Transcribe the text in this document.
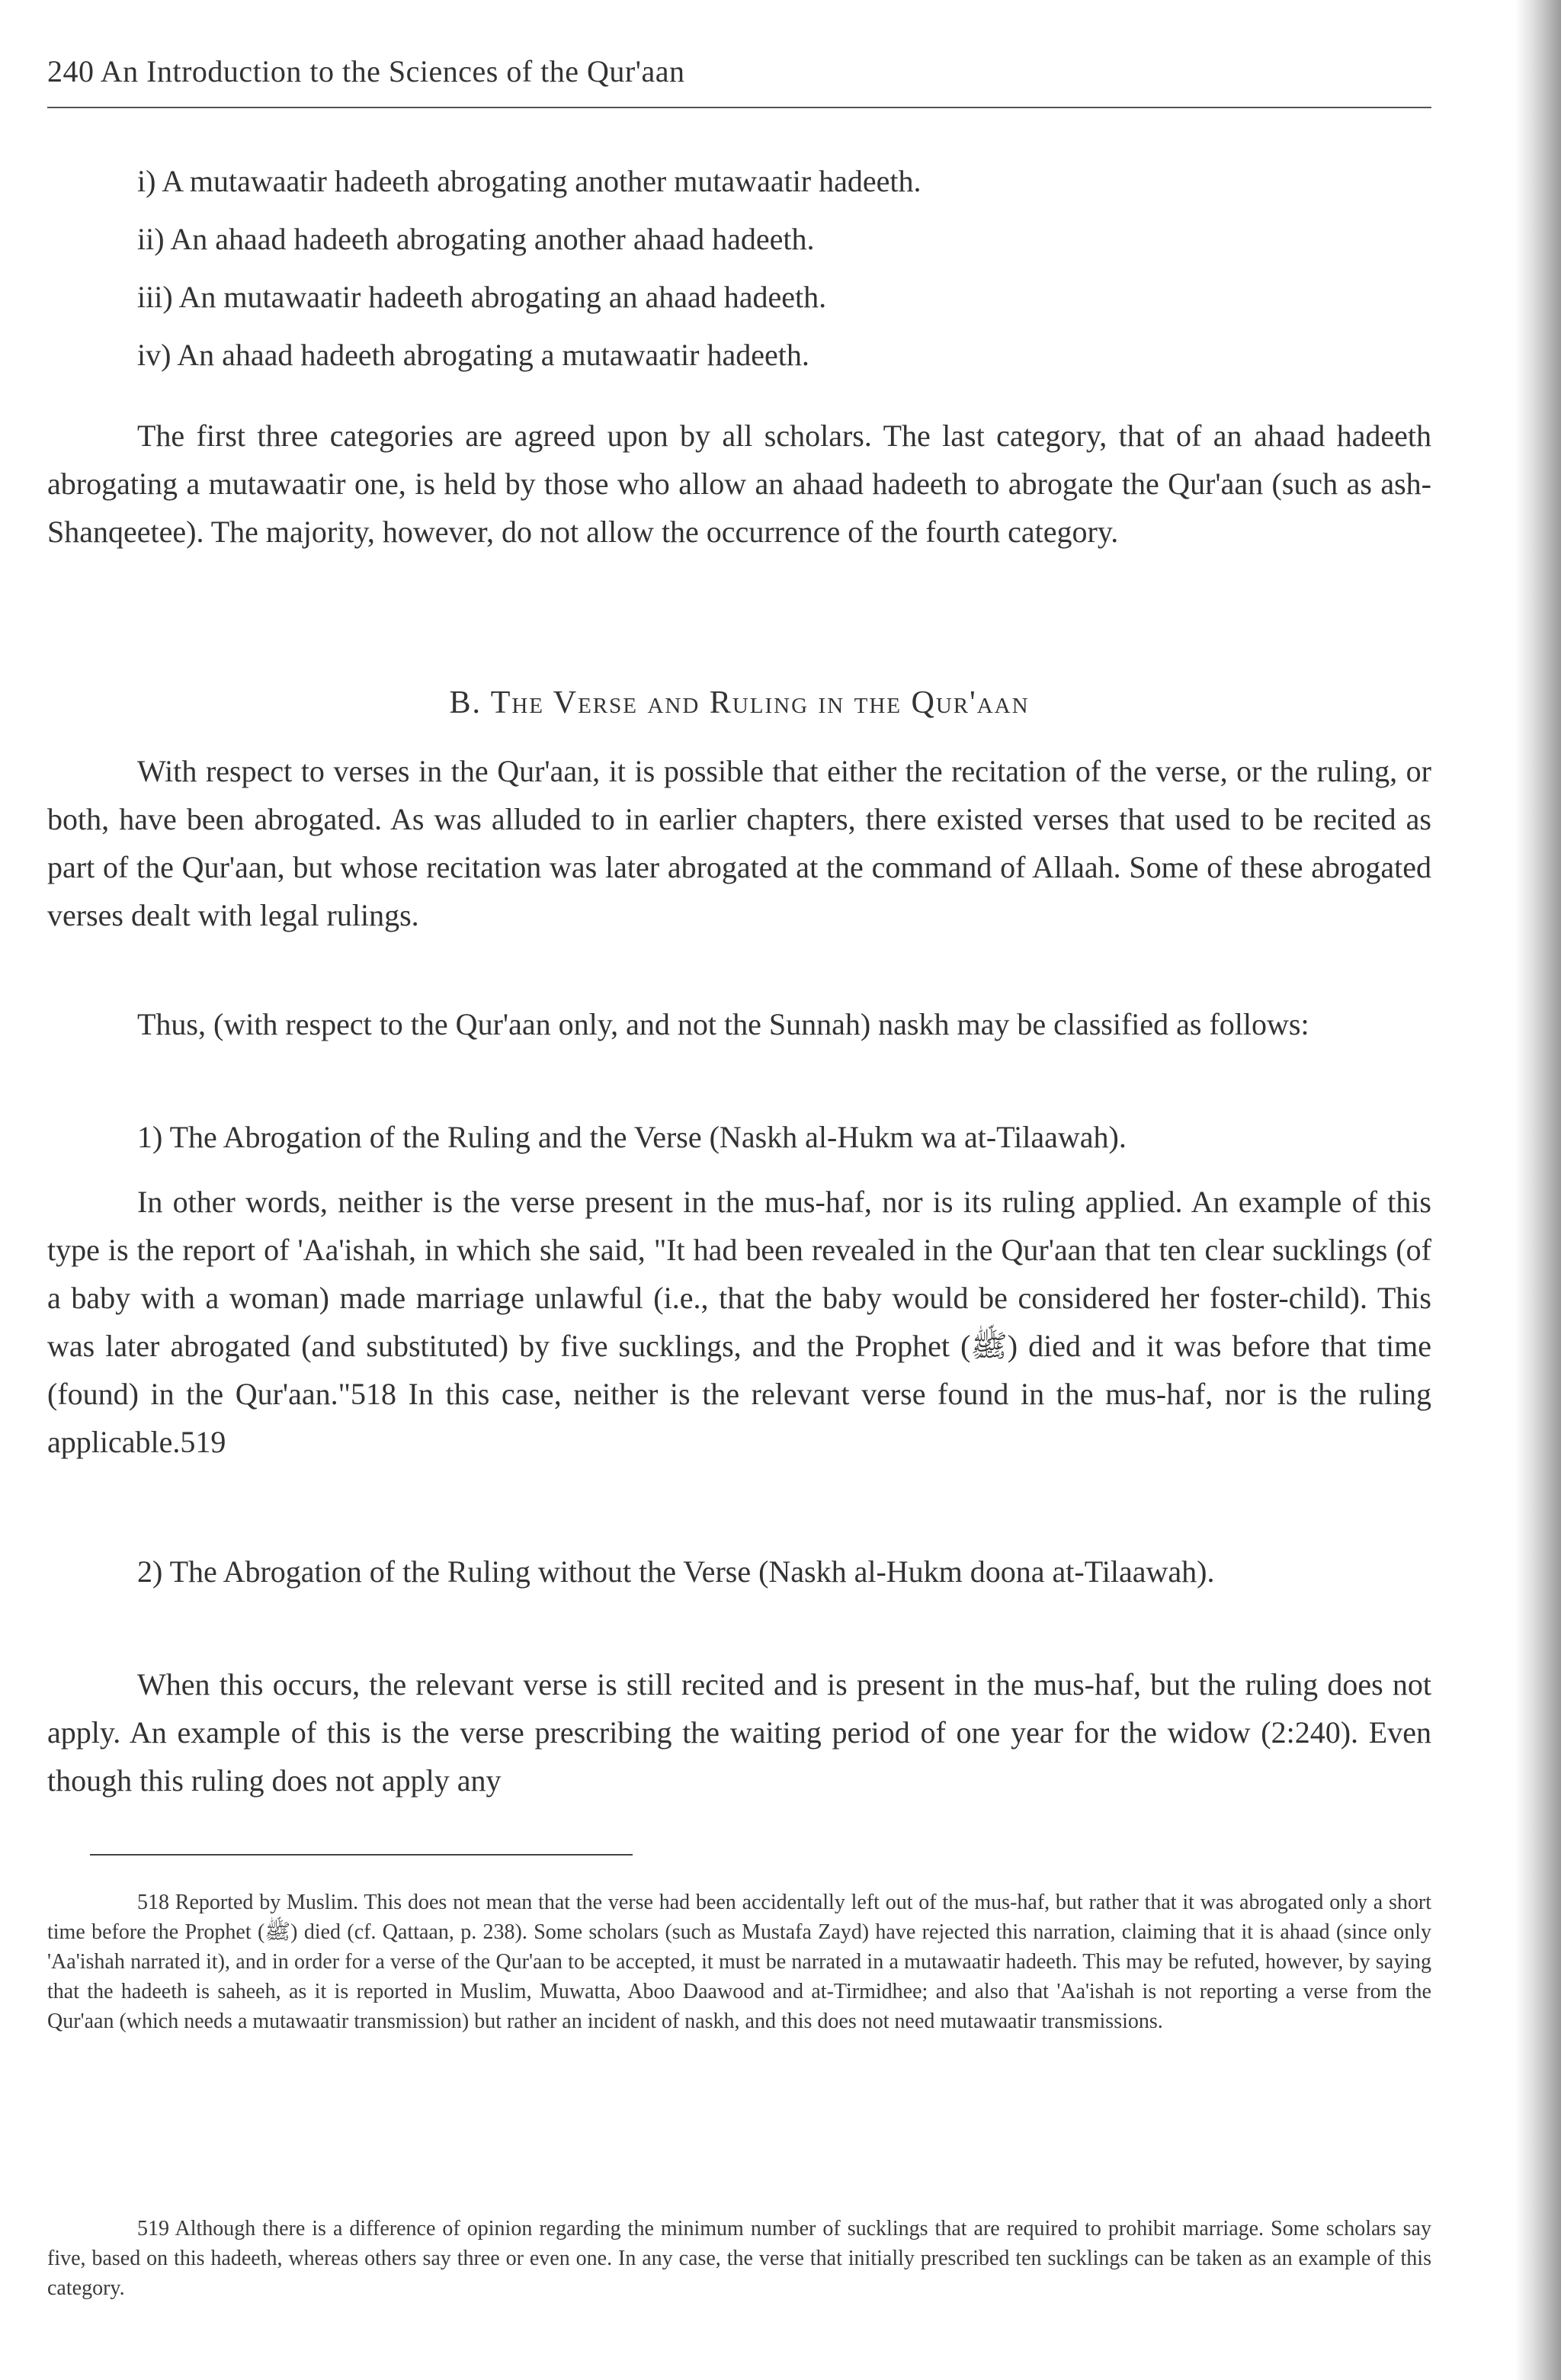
240 An Introduction to the Sciences of the Qur'aan
i) A mutawaatir hadeeth abrogating another mutawaatir hadeeth.
ii) An ahaad hadeeth abrogating another ahaad hadeeth.
iii) An mutawaatir hadeeth abrogating an ahaad hadeeth.
iv) An ahaad hadeeth abrogating a mutawaatir hadeeth.
The first three categories are agreed upon by all scholars. The last category, that of an ahaad hadeeth abrogating a mutawaatir one, is held by those who allow an ahaad hadeeth to abrogate the Qur'aan (such as ash-Shanqeetee). The majority, however, do not allow the occurrence of the fourth category.
B. The Verse and Ruling in the Qur'aan
With respect to verses in the Qur'aan, it is possible that either the recitation of the verse, or the ruling, or both, have been abrogated. As was alluded to in earlier chapters, there existed verses that used to be recited as part of the Qur'aan, but whose recitation was later abrogated at the command of Allaah. Some of these abrogated verses dealt with legal rulings.
Thus, (with respect to the Qur'aan only, and not the Sunnah) naskh may be classified as follows:
1) The Abrogation of the Ruling and the Verse (Naskh al-Hukm wa at-Tilaawah).
In other words, neither is the verse present in the mus-haf, nor is its ruling applied. An example of this type is the report of 'Aa'ishah, in which she said, "It had been revealed in the Qur'aan that ten clear sucklings (of a baby with a woman) made marriage unlawful (i.e., that the baby would be considered her foster-child). This was later abrogated (and substituted) by five sucklings, and the Prophet (ﷺ) died and it was before that time (found) in the Qur'aan."518 In this case, neither is the relevant verse found in the mus-haf, nor is the ruling applicable.519
2) The Abrogation of the Ruling without the Verse (Naskh al-Hukm doona at-Tilaawah).
When this occurs, the relevant verse is still recited and is present in the mus-haf, but the ruling does not apply. An example of this is the verse prescribing the waiting period of one year for the widow (2:240). Even though this ruling does not apply any
518 Reported by Muslim. This does not mean that the verse had been accidentally left out of the mus-haf, but rather that it was abrogated only a short time before the Prophet (ﷺ) died (cf. Qattaan, p. 238). Some scholars (such as Mustafa Zayd) have rejected this narration, claiming that it is ahaad (since only 'Aa'ishah narrated it), and in order for a verse of the Qur'aan to be accepted, it must be narrated in a mutawaatir hadeeth. This may be refuted, however, by saying that the hadeeth is saheeh, as it is reported in Muslim, Muwatta, Aboo Daawood and at-Tirmidhee; and also that 'Aa'ishah is not reporting a verse from the Qur'aan (which needs a mutawaatir transmission) but rather an incident of naskh, and this does not need mutawaatir transmissions.
519 Although there is a difference of opinion regarding the minimum number of sucklings that are required to prohibit marriage. Some scholars say five, based on this hadeeth, whereas others say three or even one. In any case, the verse that initially prescribed ten sucklings can be taken as an example of this category.
